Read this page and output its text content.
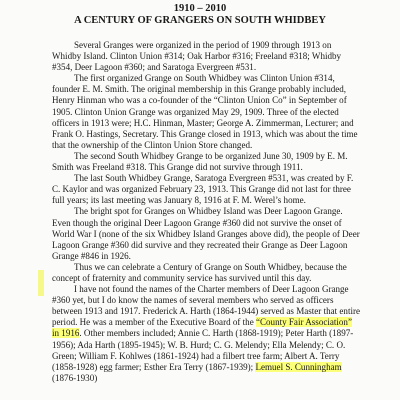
1910 – 2010
A CENTURY OF GRANGERS ON SOUTH WHIDBEY

Several Granges were organized in the period of 1909 through 1913 on Whidby Island. Clinton Union #314; Oak Harbor #316; Freeland #318; Whidby #354, Deer Lagoon #360; and Saratoga Evergreen #531.

The first organized Grange on South Whidbey was Clinton Union #314, founder E. M. Smith. The original membership in this Grange probably included, Henry Hinman who was a co-founder of the “Clinton Union Co” in September of 1905. Clinton Union Grange was organized May 29, 1909. Three of the elected officers in 1913 were; H.C. Hinman, Master; George A. Zimmerman, Lecturer; and Frank O. Hastings, Secretary. This Grange closed in 1913, which was about the time that the ownership of the Clinton Union Store changed.

The second South Whidbey Grange to be organized June 30, 1909 by E. M. Smith was Freeland #318. This Grange did not survive through 1911.

The last South Whidbey Grange, Saratoga Evergreen #531, was created by F. C. Kaylor and was organized February 23, 1913. This Grange did not last for three full years; its last meeting was January 8, 1916 at F. M. Werel’s home.

The bright spot for Granges on Whidbey Island was Deer Lagoon Grange. Even though the original Deer Lagoon Grange #360 did not survive the onset of World War I (none of the six Whidbey Island Granges above did), the people of Deer Lagoon Grange #360 did survive and they recreated their Grange as Deer Lagoon Grange #846 in 1926.

Thus we can celebrate a Century of Grange on South Whidbey, because the concept of fraternity and community service has survived until this day.

I have not found the names of the Charter members of Deer Lagoon Grange #360 yet, but I do know the names of several members who served as officers between 1913 and 1917. Frederick A. Harth (1864-1944) served as Master that entire period. He was a member of the Executive Board of the “County Fair Association” in 1916. Other members included; Annie C. Harth (1868-1919); Peter Harth (1897-1956); Ada Harth (1895-1945); W. B. Hurd; C. G. Melendy; Ella Melendy; C. O. Green; William F. Kohlwes (1861-1924) had a filbert tree farm; Albert A. Terry (1858-1928) egg farmer; Esther Era Terry (1867-1939); Lemuel S. Cunningham (1876-1930)
